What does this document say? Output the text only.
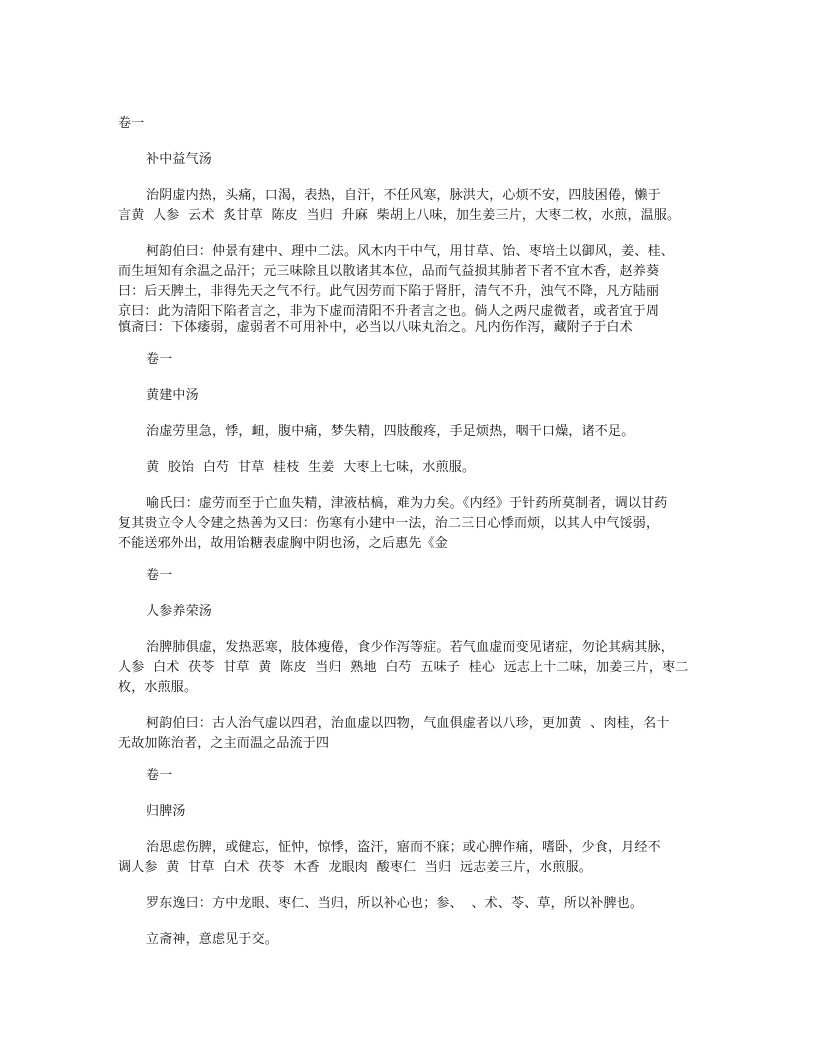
卷一
补中益气汤
治阴虚内热，头痛，口渴，表热，自汗，不任风寒，脉洪大，心烦不安，四肢困倦，懒于
言黄  人参  云术  炙甘草  陈皮  当归  升麻  柴胡上八味，加生姜三片，大枣二枚，水煎，温服。
柯韵伯曰：仲景有建中、理中二法。风木内干中气，用甘草、饴、枣培土以御风，姜、桂、
而生垣知有余温之品汗；元三味除且以散诸其本位，品而气益损其肺者下者不宜木香，赵养葵
曰：后天脾土，非得先天之气不行。此气因劳而下陷于肾肝，清气不升，浊气不降，凡方陆丽
京曰：此为清阳下陷者言之，非为下虚而清阳不升者言之也。倘人之两尺虚微者，或者宜于周
慎斋曰：下体痿弱，虚弱者不可用补中，必当以八味丸治之。凡内伤作泻，藏附子于白术
卷一
黄建中汤
治虚劳里急，悸，衄，腹中痛，梦失精，四肢酸疼，手足烦热，咽干口燥，诸不足。
黄  胶饴  白芍  甘草  桂枝  生姜  大枣上七味，水煎服。
喻氏曰：虚劳而至于亡血失精，津液枯槁，难为力矣。《内经》于针药所莫制者，调以甘药
复其贵立令人令建之热善为又曰：伤寒有小建中一法，治二三日心悸而烦，以其人中气馁弱，
不能送邪外出，故用饴糖表虚胸中阴也汤，之后惠先《金
卷一
人参养荣汤
治脾肺俱虚，发热恶寒，肢体瘦倦，食少作泻等症。若气血虚而变见诸症，勿论其病其脉，
人参  白术  茯苓  甘草  黄  陈皮  当归  熟地  白芍  五味子  桂心  远志上十二味，加姜三片，枣二
枚，水煎服。
柯韵伯曰：古人治气虚以四君，治血虚以四物，气血俱虚者以八珍，更加黄  、肉桂，名十
无故加陈治者，之主而温之品流于四
卷一
归脾汤
治思虑伤脾，或健忘，怔忡，惊悸，盗汗，寤而不寐；或心脾作痛，嗜卧，少食，月经不
调人参  黄  甘草  白术  茯苓  木香  龙眼肉  酸枣仁  当归  远志姜三片，水煎服。
罗东逸曰：方中龙眼、枣仁、当归，所以补心也；参、  、术、苓、草，所以补脾也。
立斋神，意虑见于交。
